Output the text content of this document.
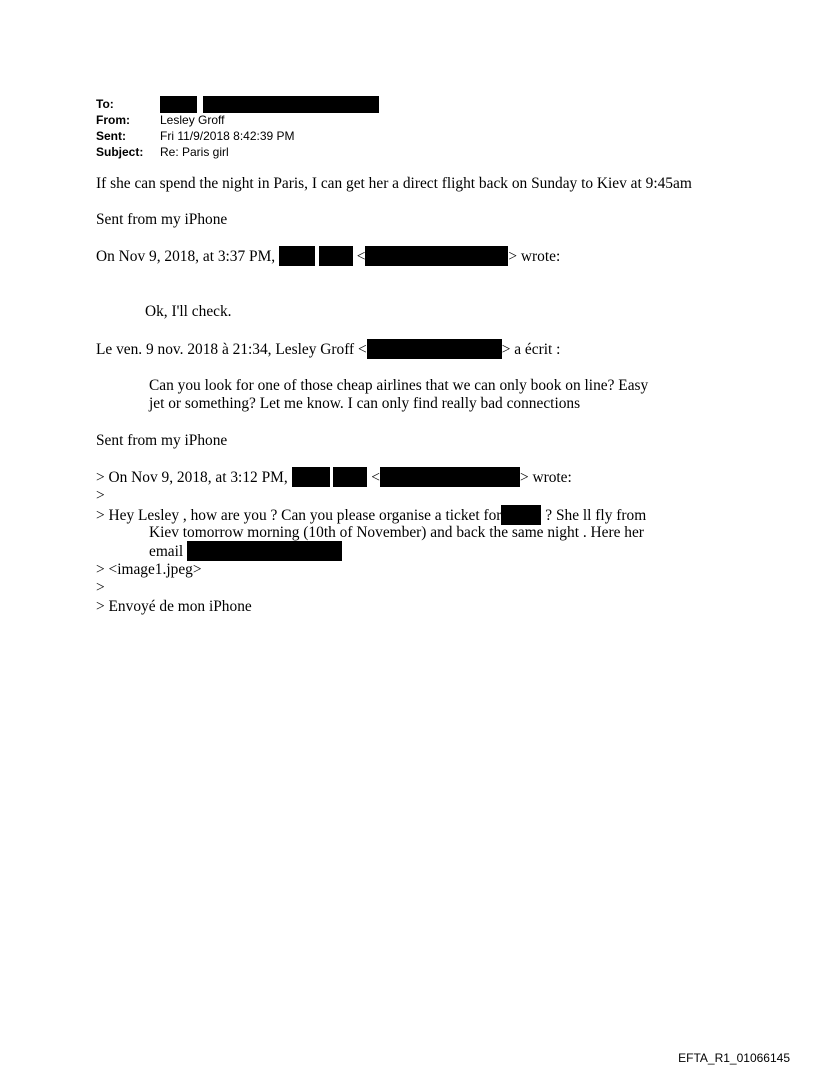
To:

From:	Lesley Groff
Sent:	Fri 11/9/2018 8:42:39 PM
Subject:	Re: Paris girl
If she can spend the night in Paris, I can get her a direct flight back on Sunday to Kiev at 9:45am
Sent from my iPhone
On Nov 9, 2018, at 3:37 PM,	<	> wrote:
Ok, I'll check.
Le ven. 9 nov. 2018 à 21:34, Lesley Groff <	> a écrit :
Can you look for one of those cheap airlines that we can only book on line? Easy
jet or something? Let me know. I can only find really bad connections
Sent from my iPhone
> On Nov 9, 2018, at 3:12 PM,	<	> wrote:
>
> Hey Lesley , how are you ? Can you please organise a ticket for	? She ll fly from
Kiev tomorrow morning (10th of November) and back the same night . Here her
email
> <image1.jpeg>
>
> Envoyé de mon iPhone
EFTA_R1_01066145
